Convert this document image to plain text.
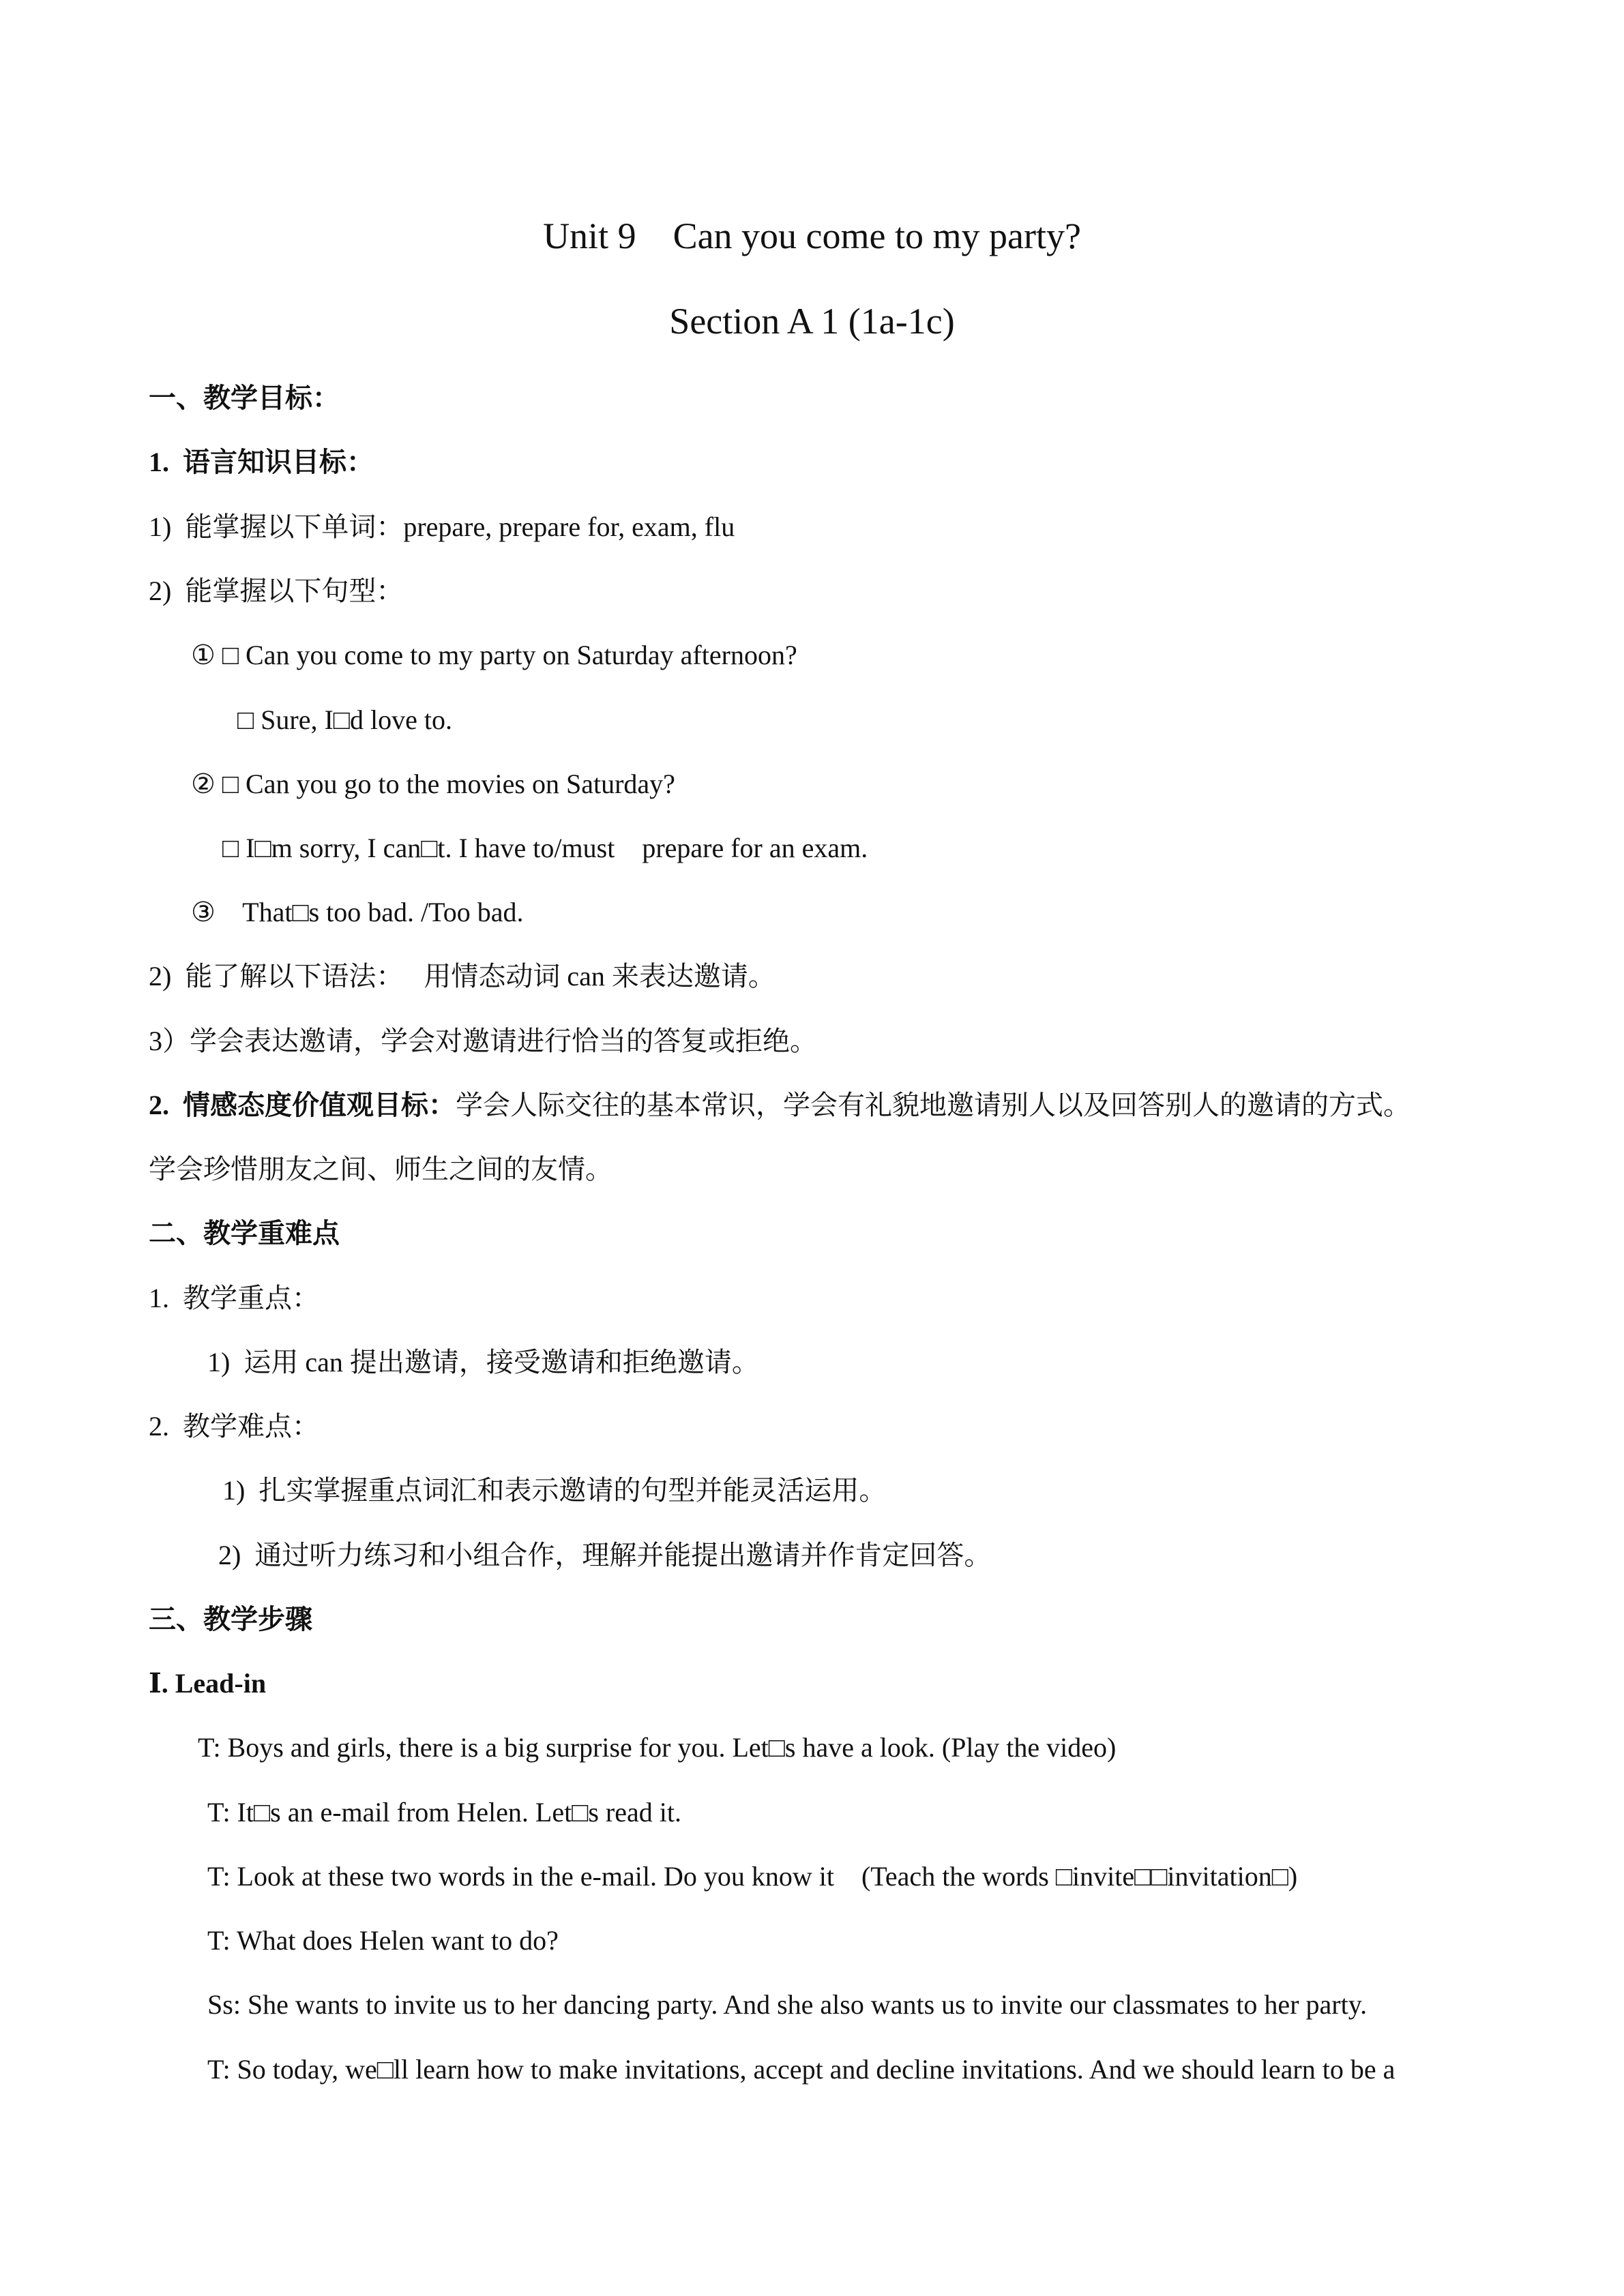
Unit 9    Can you come to my party?
Section A 1 (1a-1c)
一、教学目标：
1.  语言知识目标：
1)  能掌握以下单词：prepare, prepare for, exam, flu
2)  能掌握以下句型：
① □ Can you come to my party on Saturday afternoon?
□ Sure, I□d love to.
② □ Can you go to the movies on Saturday?
□ I□m sorry, I can□t. I have to/must    prepare for an exam.
③    That□s too bad. /Too bad.
2)  能了解以下语法：   用情态动词 can 来表达邀请。
3）学会表达邀请，学会对邀请进行恰当的答复或拒绝。
2.  情感态度价值观目标：学会人际交往的基本常识，学会有礼貌地邀请别人以及回答别人的邀请的方式。
学会珍惜朋友之间、师生之间的友情。
二、教学重难点
1.  教学重点：
1)  运用 can 提出邀请，接受邀请和拒绝邀请。
2.  教学难点：
1)  扎实掌握重点词汇和表示邀请的句型并能灵活运用。
2)  通过听力练习和小组合作，理解并能提出邀请并作肯定回答。
三、教学步骤
Ⅰ. Lead-in
T: Boys and girls, there is a big surprise for you. Let□s have a look. (Play the video)
T: It□s an e-mail from Helen. Let□s read it.
T: Look at these two words in the e-mail. Do you know it    (Teach the words □invite□□invitation□)
T: What does Helen want to do?
Ss: She wants to invite us to her dancing party. And she also wants us to invite our classmates to her party.
T: So today, we□ll learn how to make invitations, accept and decline invitations. And we should learn to be a
